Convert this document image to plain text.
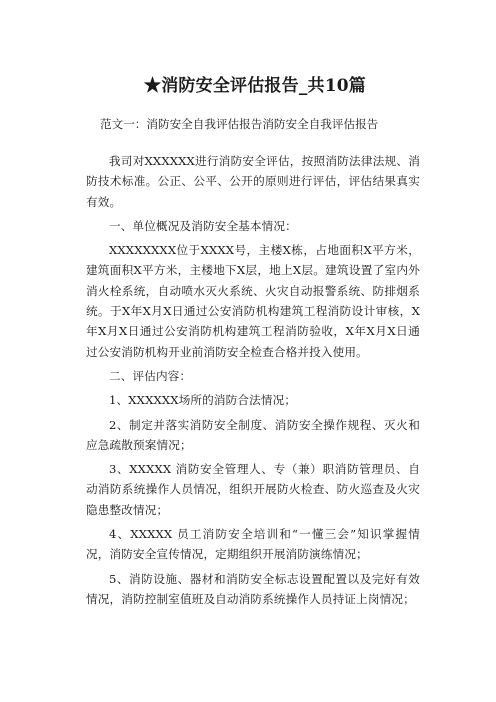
★消防安全评估报告_共10篇
范文一：消防安全自我评估报告消防安全自我评估报告

我司对XXXXXX进行消防安全评估，按照消防法律法规、消防技术标准。公正、公平、公开的原则进行评估，评估结果真实有效。

一、单位概况及消防安全基本情况：

XXXXXXXX位于XXXX号，主楼X栋，占地面积X平方米，建筑面积X平方米，主楼地下X层，地上X层。建筑设置了室内外消火栓系统，自动喷水灭火系统、火灾自动报警系统、防排烟系统。于X年X月X日通过公安消防机构建筑工程消防设计审核，X年X月X日通过公安消防机构建筑工程消防验收，X年X月X日通过公安消防机构开业前消防安全检查合格并投入使用。

二、评估内容：

1、XXXXXX场所的消防合法情况；

2、制定并落实消防安全制度、消防安全操作规程、灭火和应急疏散预案情况；

3、XXXXX 消防安全管理人、专（兼）职消防管理员、自动消防系统操作人员情况，组织开展防火检查、防火巡查及火灾隐患整改情况；

4、XXXXX 员工消防安全培训和“一懂三会”知识掌握情况，消防安全宣传情况，定期组织开展消防演练情况；

5、消防设施、器材和消防安全标志设置配置以及完好有效情况，消防控制室值班及自动消防系统操作人员持证上岗情况；
